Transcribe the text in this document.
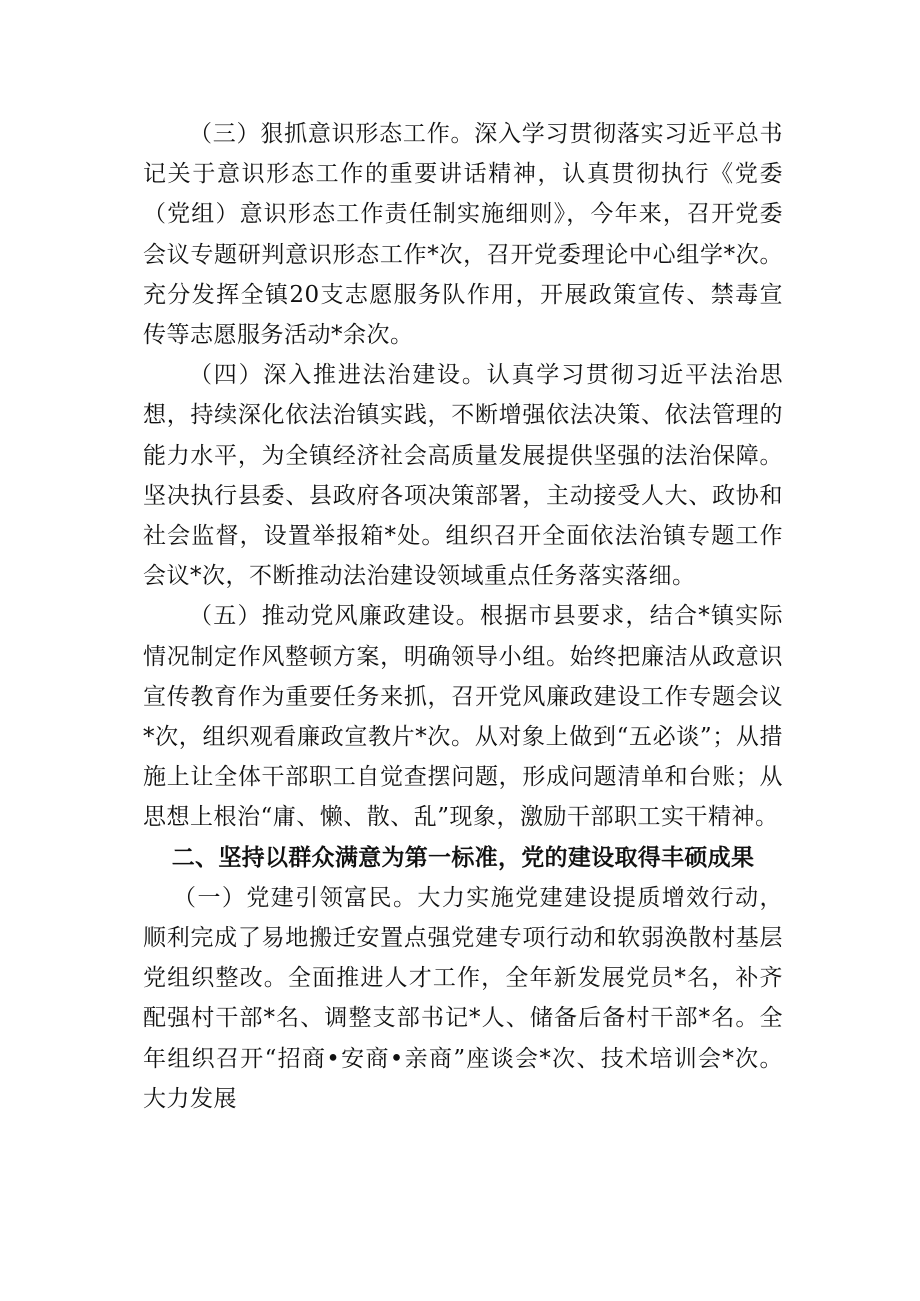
（三）狠抓意识形态工作。深入学习贯彻落实习近平总书记关于意识形态工作的重要讲话精神，认真贯彻执行《党委（党组）意识形态工作责任制实施细则》，今年来，召开党委会议专题研判意识形态工作*次，召开党委理论中心组学*次。充分发挥全镇20支志愿服务队作用，开展政策宣传、禁毒宣传等志愿服务活动*余次。

（四）深入推进法治建设。认真学习贯彻习近平法治思想，持续深化依法治镇实践，不断增强依法决策、依法管理的能力水平，为全镇经济社会高质量发展提供坚强的法治保障。坚决执行县委、县政府各项决策部署，主动接受人大、政协和社会监督，设置举报箱*处。组织召开全面依法治镇专题工作会议*次，不断推动法治建设领域重点任务落实落细。

（五）推动党风廉政建设。根据市县要求，结合*镇实际情况制定作风整顿方案，明确领导小组。始终把廉洁从政意识宣传教育作为重要任务来抓，召开党风廉政建设工作专题会议*次，组织观看廉政宣教片*次。从对象上做到“五必谈”；从措施上让全体干部职工自觉查摆问题，形成问题清单和台账；从思想上根治“庸、懒、散、乱”现象，激励干部职工实干精神。

二、坚持以群众满意为第一标准，党的建设取得丰硕成果

（一）党建引领富民。大力实施党建建设提质增效行动，顺利完成了易地搬迁安置点强党建专项行动和软弱涣散村基层党组织整改。全面推进人才工作，全年新发展党员*名，补齐配强村干部*名、调整支部书记*人、储备后备村干部*名。全年组织召开“招商•安商•亲商”座谈会*次、技术培训会*次。大力发展
